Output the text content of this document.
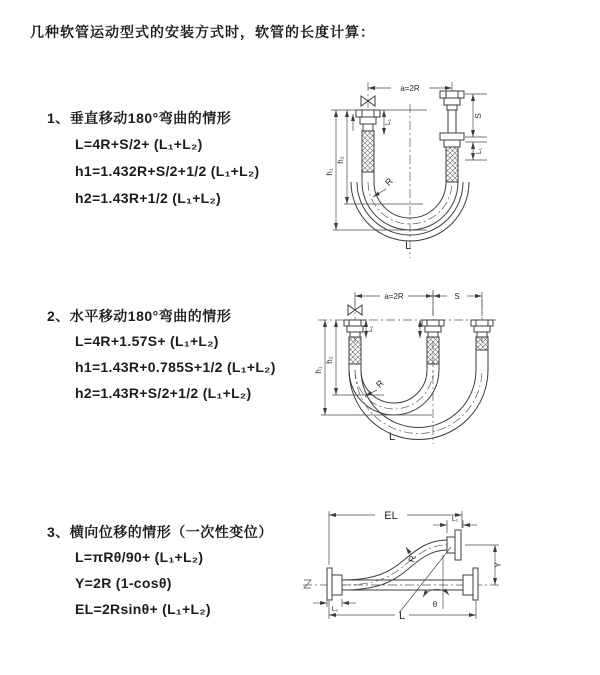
几种软管运动型式的安装方式时，软管的长度计算：
1、垂直移动180°弯曲的情形
L=4R+S/2+ (L₁+L₂)
h1=1.432R+S/2+1/2 (L₁+L₂)
h2=1.43R+1/2 (L₁+L₂)
2、水平移动180°弯曲的情形
L=4R+1.57S+ (L₁+L₂)
h1=1.43R+0.785S+1/2 (L₁+L₂)
h2=1.43R+S/2+1/2 (L₁+L₂)
3、横向位移的情形（一次性变位）
L=πRθ/90+ (L₁+L₂)
Y=2R (1-cosθ)
EL=2Rsinθ+ (L₁+L₂)
a=2R
h₁
h₂
L₁
S
L₁
R
L
a=2R	S
h₁
h₂
L₁
R
L
EL	L₁
Y
L
L₂
R
θ
